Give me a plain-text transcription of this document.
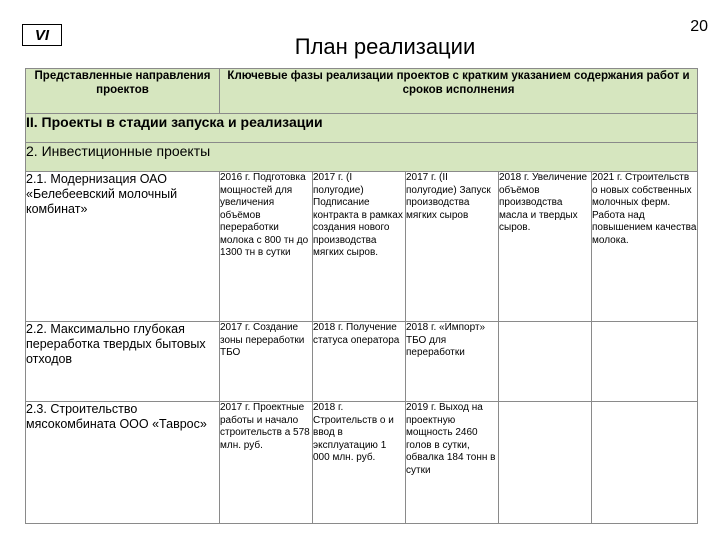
20
VI	План реализации
Представленные направления проектов	Ключевые фазы реализации проектов с кратким указанием содержания работ и сроков исполнения				
II. Проекты в стадии запуска и реализации					
2. Инвестиционные проекты					
2.1. Модернизация ОАО «Белебеевский молочный комбинат»	2016 г. Подготовка мощностей для увеличения объёмов переработки молока с 800 тн до 1300 тн в сутки	2017 г. (I полугодие) Подписание контракта в рамках создания нового производства мягких сыров.	2017 г. (II полугодие) Запуск производства мягких сыров	2018 г. Увеличение объёмов производства масла и твердых сыров.	2021 г. Строительств о новых собственных молочных ферм. Работа над повышением качества молока.
2.2. Максимально глубокая переработка твердых бытовых отходов	2017 г. Создание зоны переработки ТБО	2018 г. Получение статуса оператора	2018 г. «Импорт» ТБО для переработки		
2.3. Строительство мясокомбината ООО «Таврос»	2017 г. Проектные работы и начало строительств а 578 млн. руб.	2018 г. Строительств о и ввод в эксплуатацию 1 000 млн. руб.	2019 г. Выход на проектную мощность 2460 голов в сутки, обвалка 184 тонн в сутки		
